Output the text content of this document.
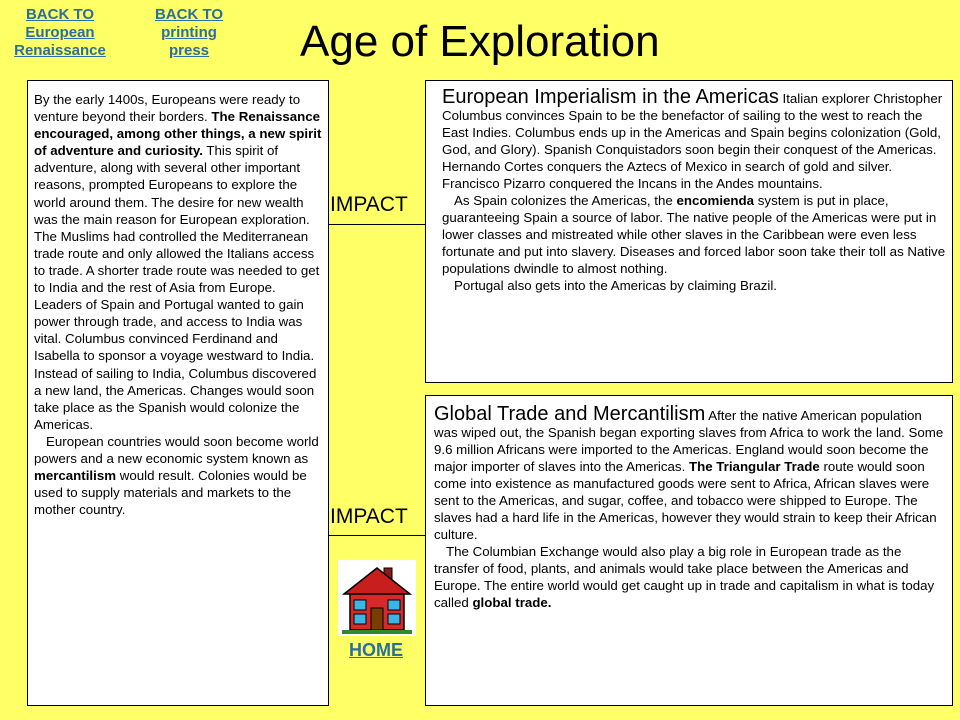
BACK TO European Renaissance
BACK TO printing press	Age of Exploration

By the early 1400s, Europeans were ready to venture beyond their borders. The Renaissance encouraged, among other things, a new spirit of adventure and curiosity. This spirit of adventure, along with several other important reasons, prompted Europeans to explore the world around them. The desire for new wealth was the main reason for European exploration. The Muslims had controlled the Mediterranean trade route and only allowed the Italians access to trade. A shorter trade route was needed to get to India and the rest of Asia from Europe. Leaders of Spain and Portugal wanted to gain power through trade, and access to India was vital. Columbus convinced Ferdinand and Isabella to sponsor a voyage westward to India. Instead of sailing to India, Columbus discovered a new land, the Americas. Changes would soon take place as the Spanish would colonize the Americas.

European countries would soon become world powers and a new economic system known as mercantilism would result. Colonies would be used to supply materials and markets to the mother country.

IMPACT
IMPACT

European Imperialism in the Americas Italian explorer Christopher Columbus convinces Spain to be the benefactor of sailing to the west to reach the East Indies. Columbus ends up in the Americas and Spain begins colonization (Gold, God, and Glory). Spanish Conquistadors soon begin their conquest of the Americas. Hernando Cortes conquers the Aztecs of Mexico in search of gold and silver. Francisco Pizarro conquered the Incans in the Andes mountains.

As Spain colonizes the Americas, the encomienda system is put in place, guaranteeing Spain a source of labor. The native people of the Americas were put in lower classes and mistreated while other slaves in the Caribbean were even less fortunate and put into slavery. Diseases and forced labor soon take their toll as Native populations dwindle to almost nothing.

Portugal also gets into the Americas by claiming Brazil.

Global Trade and Mercantilism After the native American population was wiped out, the Spanish began exporting slaves from Africa to work the land. Some 9.6 million Africans were imported to the Americas. England would soon become the major importer of slaves into the Americas. The Triangular Trade route would soon come into existence as manufactured goods were sent to Africa, African slaves were sent to the Americas, and sugar, coffee, and tobacco were shipped to Europe. The slaves had a hard life in the Americas, however they would strain to keep their African culture.

The Columbian Exchange would also play a big role in European trade as the transfer of food, plants, and animals would take place between the Americas and Europe. The entire world would get caught up in trade and capitalism in what is today called global trade.

HOME
